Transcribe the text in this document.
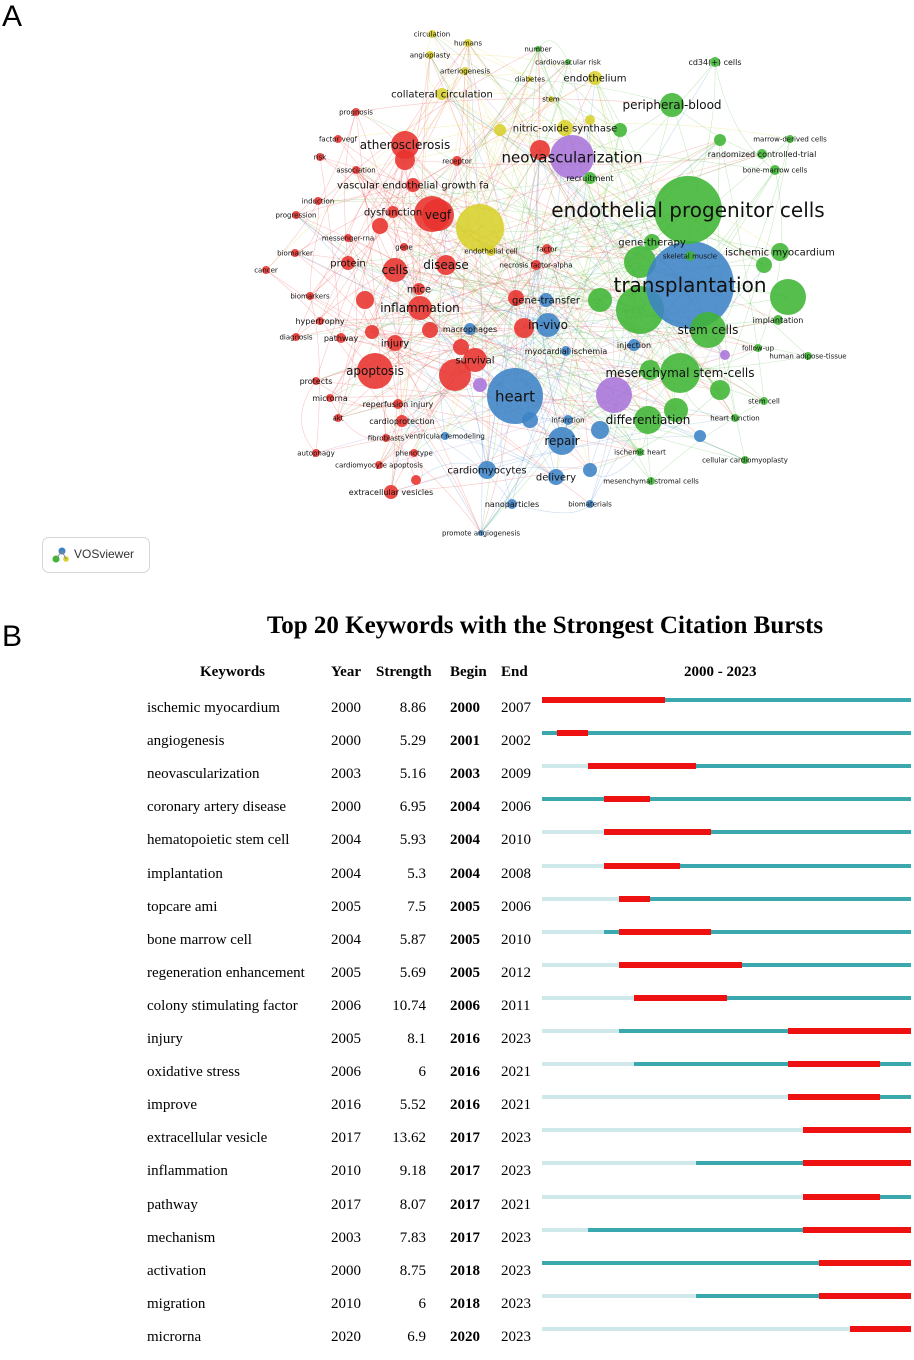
A
endothelial progenitor cells
transplantation
neovascularization
heart
mesenchymal stem-cells
atherosclerosis
vegf
apoptosis
inflammation
cells disease
stem cells
peripheral-blood
repair
differentiation
in-vivo
survival
injury
cardiomyocytes
delivery
nitric-oxide synthase
vascular endothelial growth fa
dysfunction
gene-therapy
gene-transfer
ischemic myocardium
protein
mice
endothelium
collateral circulation
injection
implantation
pathway
hypertrophy
extracellular vesicles
cd34(+) cells
randomized controlled-trial
recruitment
macrophages
myocardial ischemia
cardioprotection
reperfusion injury
microrna
protects
nanoparticles	biomaterials
promote angiogenesis
mesenchymal stromal cells
ischemic heart
cellular cardiomyoplasty
heart function
stem cell
human adipose-tissue
follow-up
skeletal muscle
bone-marrow cells
marrow-derived cells
necrosis factor-alpha
endothelial cell	factor
infarction
ventricular remodeling
fibroblasts
phenotype
autophagy
cardiomyocyte apoptosis
akt
diagnosis
biomarkers
biomarker
cancer
progression
induction
messenger-rna
gene
receptor
association
risk
factor vegf
prognosis
circulation
humans
angioplasty
arteriogenesis
number
cardiovascular risk
diabetes
stem
VOSviewer
B	Top 20 Keywords with the Strongest Citation Bursts
Keywords	Year Strength Begin End	2000 - 2023
ischemic myocardium	2000	8.86 2000 2007
angiogenesis	2000	5.29 2001 2002
neovascularization	2003	5.16 2003 2009
coronary artery disease	2000	6.95 2004 2006
hematopoietic stem cell	2004	5.93 2004 2010
implantation	2004	5.3 2004 2008
topcare ami	2005	7.5 2005 2006
bone marrow cell	2004	5.87 2005 2010
regeneration enhancement 2005	5.69 2005 2012
colony stimulating factor 2006	10.74 2006 2011
injury	2005	8.1 2016 2023
oxidative stress	2006	6 2016 2021
improve	2016	5.52 2016 2021
extracellular vesicle	2017	13.62 2017 2023
inflammation	2010	9.18 2017 2023
pathway	2017	8.07 2017 2021
mechanism	2003	7.83 2017 2023
activation	2000	8.75 2018 2023
migration	2010	6 2018 2023
microrna	2020	6.9 2020 2023
